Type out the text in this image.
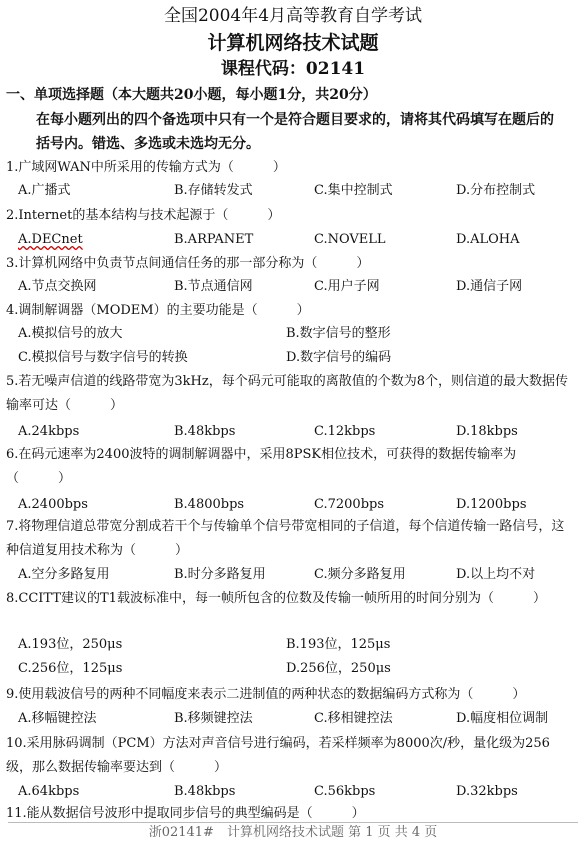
全国2004年4月高等教育自学考试
计算机网络技术试题
课程代码：02141
一、单项选择题（本大题共20小题，每小题1分，共20分）
在每小题列出的四个备选项中只有一个是符合题目要求的，请将其代码填写在题后的括号内。错选、多选或未选均无分。
1.广域网WAN中所采用的传输方式为（　　　）
A.广播式	B.存储转发式	C.集中控制式	D.分布控制式
2.Internet的基本结构与技术起源于（　　　）
A.DECnet	B.ARPANET	C.NOVELL	D.ALOHA
3.计算机网络中负责节点间通信任务的那一部分称为（　　　）
A.节点交换网	B.节点通信网	C.用户子网	D.通信子网
4.调制解调器（MODEM）的主要功能是（　　　）
A.模拟信号的放大	B.数字信号的整形
C.模拟信号与数字信号的转换	D.数字信号的编码
5.若无噪声信道的线路带宽为3kHz，每个码元可能取的离散值的个数为8个，则信道的最大数据传输率可达（　　　）
A.24kbps	B.48kbps	C.12kbps	D.18kbps
6.在码元速率为2400波特的调制解调器中，采用8PSK相位技术，可获得的数据传输率为（　　　）
A.2400bps	B.4800bps	C.7200bps	D.1200bps
7.将物理信道总带宽分割成若干个与传输单个信号带宽相同的子信道，每个信道传输一路信号，这种信道复用技术称为（　　　）
A.空分多路复用	B.时分多路复用	C.频分多路复用	D.以上均不对
8.CCITT建议的T1载波标准中，每一帧所包含的位数及传输一帧所用的时间分别为（　　　）
A.193位，250μs	B.193位，125μs
C.256位，125μs	D.256位，250μs
9.使用载波信号的两种不同幅度来表示二进制值的两种状态的数据编码方式称为（　　　）
A.移幅键控法	B.移频键控法	C.移相键控法	D.幅度相位调制
10.采用脉码调制（PCM）方法对声音信号进行编码，若采样频率为8000次/秒，量化级为256级，那么数据传输率要达到（　　　）
A.64kbps	B.48kbps	C.56kbps	D.32kbps
11.能从数据信号波形中提取同步信号的典型编码是（　　　）
浙02141#　计算机网络技术试题 第 1 页 共 4 页
